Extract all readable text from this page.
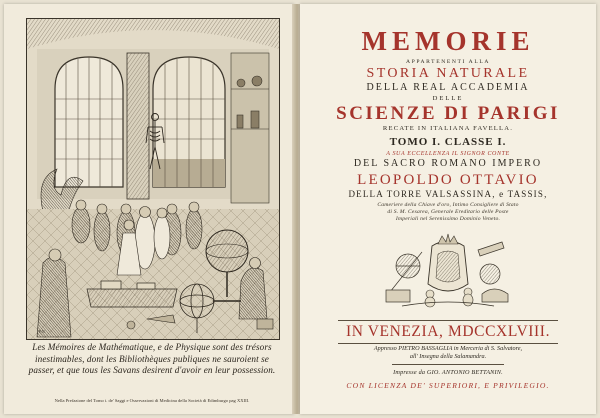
P.N.
Les Mémoires de Mathématique, e de Physique sont des trésors
inestimables, dont les Bibliothèques publiques ne sauroient se
passer, et que tous les Savans desirent d'avoir en leur possession.
Nella Prefazione del Tomo i. de' Saggi e Osservazioni di Medicina della Società di Edimburgo pag XXIII.
MEMORIE
APPARTENENTI ALLA
STORIA NATURALE
DELLA REAL ACCADEMIA
DELLE
SCIENZE DI PARIGI
RECATE IN ITALIANA FAVELLA.
TOMO I. CLASSE I.
A SUA ECCELLENZA IL SIGNOR CONTE
DEL SACRO ROMANO IMPERO
LEOPOLDO OTTAVIO
DELLA TORRE VALSASSINA, e TASSIS,
Cameriere della Chiave d'oro, Intimo Consigliere di Stato
di S. M. Cesarea, Generale Ereditario delle Poste
Imperiali nel Serenissimo Dominio Veneto.
IN VENEZIA, MDCCXLVIII.
Appresso PIETRO BASSAGLIA in Merceria di S. Salvatore,
all' Insegna della Salamandra.
Impresse da GIO. ANTONIO BETTANIN.
CON LICENZA DE' SUPERIORI, E PRIVILEGIO.
